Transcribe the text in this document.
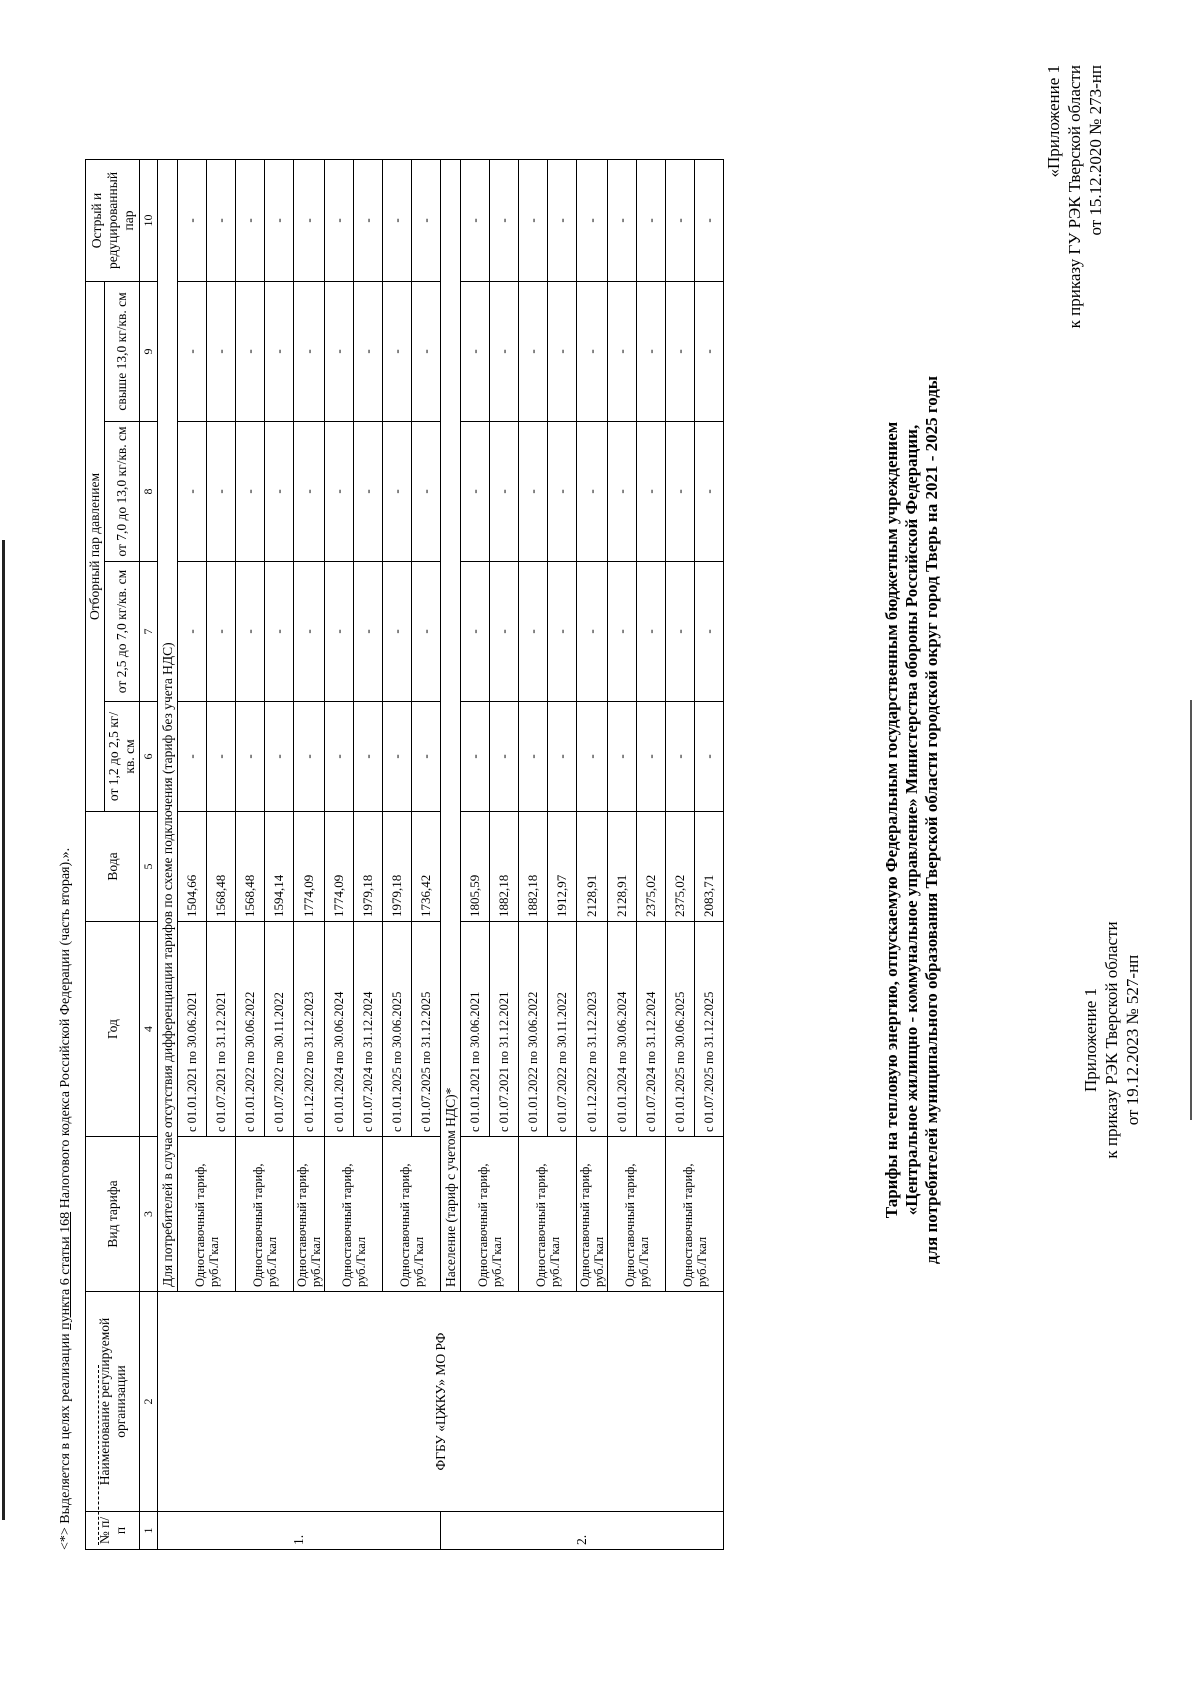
Приложение 1 к приказу РЭК Тверской области от 19.12.2023 № 527-нп
«Приложение 1 к приказу ГУ РЭК Тверской области от 15.12.2020 № 273-нп
Тарифы на тепловую энергию, отпускаемую Федеральным государственным бюджетным учреждением «Центральное жилищно - коммунальное управление» Министерства обороны Российской Федерации, для потребителей муниципального образования Тверской области городской округ город Тверь на 2021 - 2025 годы
№ п/п	Наименование регулируемой организации	Вид тарифа	Год	Вода	Отборный пар давлением				Острый и редуцированный пар
					от 1,2 до 2,5 кг/кв. см	от 2,5 до 7,0 кг/кв. см	от 7,0 до 13,0 кг/кв. см	свыше 13,0 кг/кв. см	
1	2	3	4	5	6	7	8	9	10
1.	ФГБУ «ЦЖКУ» МО РФ	Для потребителей в случае отсутствия дифференциации тарифов по схеме подключения (тариф без учета НДС)							
		Одноставочный тариф, руб./Гкал	с 01.01.2021 по 30.06.2021	1504,66	-	-	-	-	-
			с 01.07.2021 по 31.12.2021	1568,48	-	-	-	-	-
		Одноставочный тариф, руб./Гкал	с 01.01.2022 по 30.06.2022	1568,48	-	-	-	-	-
			с 01.07.2022 по 30.11.2022	1594,14	-	-	-	-	-
		Одноставочный тариф, руб./Гкал	с 01.12.2022 по 31.12.2023	1774,09	-	-	-	-	-
		Одноставочный тариф, руб./Гкал	с 01.01.2024 по 30.06.2024	1774,09	-	-	-	-	-
			с 01.07.2024 по 31.12.2024	1979,18	-	-	-	-	-
		Одноставочный тариф, руб./Гкал	с 01.01.2025 по 30.06.2025	1979,18	-	-	-	-	-
			с 01.07.2025 по 31.12.2025	1736,42	-	-	-	-	-
2.		Население (тариф с учетом НДС)*							
		Одноставочный тариф, руб./Гкал	с 01.01.2021 по 30.06.2021	1805,59	-	-	-	-	-
			с 01.07.2021 по 31.12.2021	1882,18	-	-	-	-	-
		Одноставочный тариф, руб./Гкал	с 01.01.2022 по 30.06.2022	1882,18	-	-	-	-	-
			с 01.07.2022 по 30.11.2022	1912,97	-	-	-	-	-
		Одноставочный тариф, руб./Гкал	с 01.12.2022 по 31.12.2023	2128,91	-	-	-	-	-
		Одноставочный тариф, руб./Гкал	с 01.01.2024 по 30.06.2024	2128,91	-	-	-	-	-
			с 01.07.2024 по 31.12.2024	2375,02	-	-	-	-	-
		Одноставочный тариф, руб./Гкал	с 01.01.2025 по 30.06.2025	2375,02	-	-	-	-	-
			с 01.07.2025 по 31.12.2025	2083,71	-	-	-	-	-
<*> Выделяется в целях реализации пункта 6 статьи 168 Налогового кодекса Российской Федерации (часть вторая).».
